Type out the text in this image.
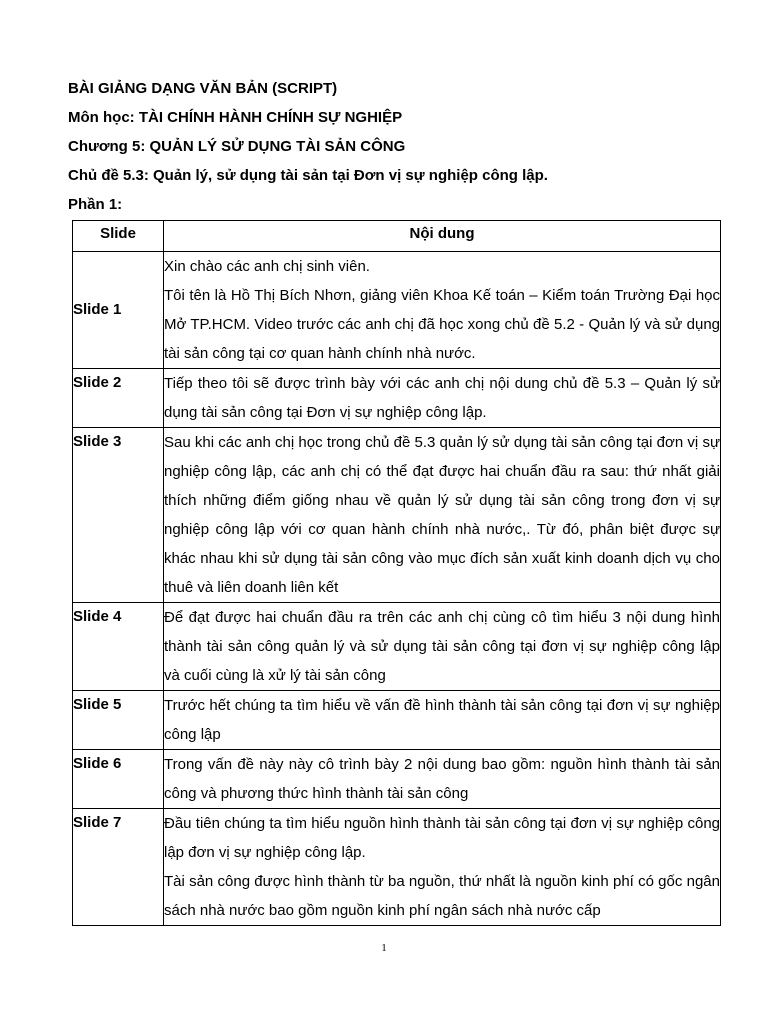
BÀI GIẢNG DẠNG VĂN BẢN (SCRIPT)
Môn học: TÀI CHÍNH HÀNH CHÍNH SỰ NGHIỆP
Chương 5: QUẢN LÝ SỬ DỤNG TÀI SẢN CÔNG
Chủ đề 5.3: Quản lý, sử dụng tài sản tại Đơn vị sự nghiệp công lập.
Phần 1:
Slide	Nội dung
Slide 1	Xin chào các anh chị sinh viên.
Tôi tên là Hồ Thị Bích Nhơn, giảng viên Khoa Kế toán – Kiểm toán Trường Đại học Mở TP.HCM. Video trước các anh chị đã học xong chủ đề 5.2 - Quản lý và sử dụng tài sản công tại cơ quan hành chính nhà nước.

Slide 2	Tiếp theo tôi sẽ được trình bày với các anh chị nội dung chủ đề 5.3 – Quản lý sử dụng tài sản công tại Đơn vị sự nghiệp công lập.

Slide 3	Sau khi các anh chị học trong chủ đề 5.3 quản lý sử dụng tài sản công tại đơn vị sự nghiệp công lập, các anh chị có thể đạt được hai chuẩn đầu ra sau: thứ nhất giải thích những điểm giống nhau về quản lý sử dụng tài sản công trong đơn vị sự nghiệp công lập với cơ quan hành chính nhà nước,. Từ đó, phân biệt được sự khác nhau khi sử dụng tài sản công vào mục đích sản xuất kinh doanh dịch vụ cho thuê và liên doanh liên kết

Slide 4	Để đạt được hai chuẩn đầu ra trên các anh chị cùng cô tìm hiểu 3 nội dung hình thành tài sản công quản lý và sử dụng tài sản công tại đơn vị sự nghiệp công lập và cuối cùng là xử lý tài sản công

Slide 5	Trước hết chúng ta tìm hiểu về vấn đề hình thành tài sản công tại đơn vị sự nghiệp công lập

Slide 6	Trong vấn đề này này cô trình bày 2 nội dung bao gồm: nguồn hình thành tài sản công và phương thức hình thành tài sản công

Slide 7	Đầu tiên chúng ta tìm hiểu nguồn hình thành tài sản công tại đơn vị sự nghiệp công lập đơn vị sự nghiệp công lập.
Tài sản công được hình thành từ ba nguồn, thứ nhất là nguồn kinh phí có gốc ngân sách nhà nước bao gồm nguồn kinh phí ngân sách nhà nước cấp
1
